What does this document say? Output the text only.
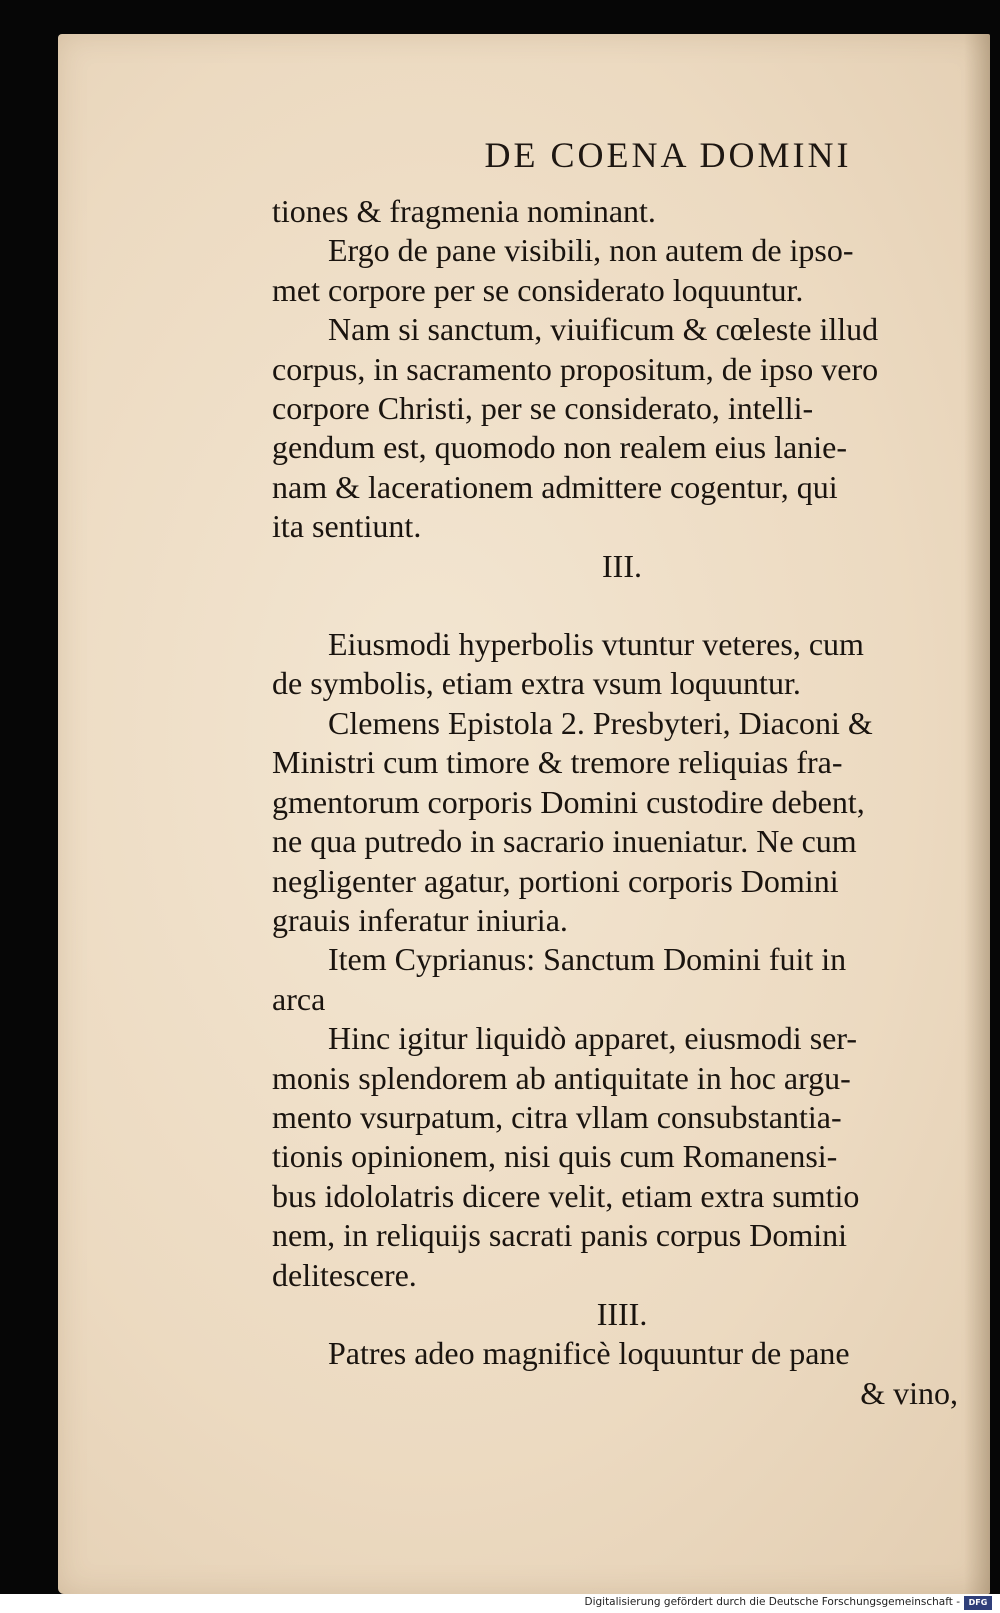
DE COENA DOMINI
tiones & fragmenia nominant.
Ergo de pane visibili, non autem de ipso-
met corpore per se considerato loquuntur.
Nam si sanctum, viuificum & cœleste illud
corpus, in sacramento propositum, de ipso vero
corpore Christi, per se considerato, intelli-
gendum est, quomodo non realem eius lanie-
nam & lacerationem admittere cogentur, qui
ita sentiunt.
III.
Eiusmodi hyperbolis vtuntur veteres, cum
de symbolis, etiam extra vsum loquuntur.
Clemens Epistola 2. Presbyteri, Diaconi &
Ministri cum timore & tremore reliquias fra-
gmentorum corporis Domini custodire debent,
ne qua putredo in sacrario inueniatur. Ne cum
negligenter agatur, portioni corporis Domini
grauis inferatur iniuria.
Item Cyprianus: Sanctum Domini fuit in
arca
Hinc igitur liquidò apparet, eiusmodi ser-
monis splendorem ab antiquitate in hoc argu-
mento vsurpatum, citra vllam consubstantia-
tionis opinionem, nisi quis cum Romanensi-
bus idololatris dicere velit, etiam extra sumtio
nem, in reliquijs sacrati panis corpus Domini
delitescere.
IIII.
Patres adeo magnificè loquuntur de pane
& vino,
Digitalisierung gefördert durch die Deutsche Forschungsgemeinschaft -	DFG
